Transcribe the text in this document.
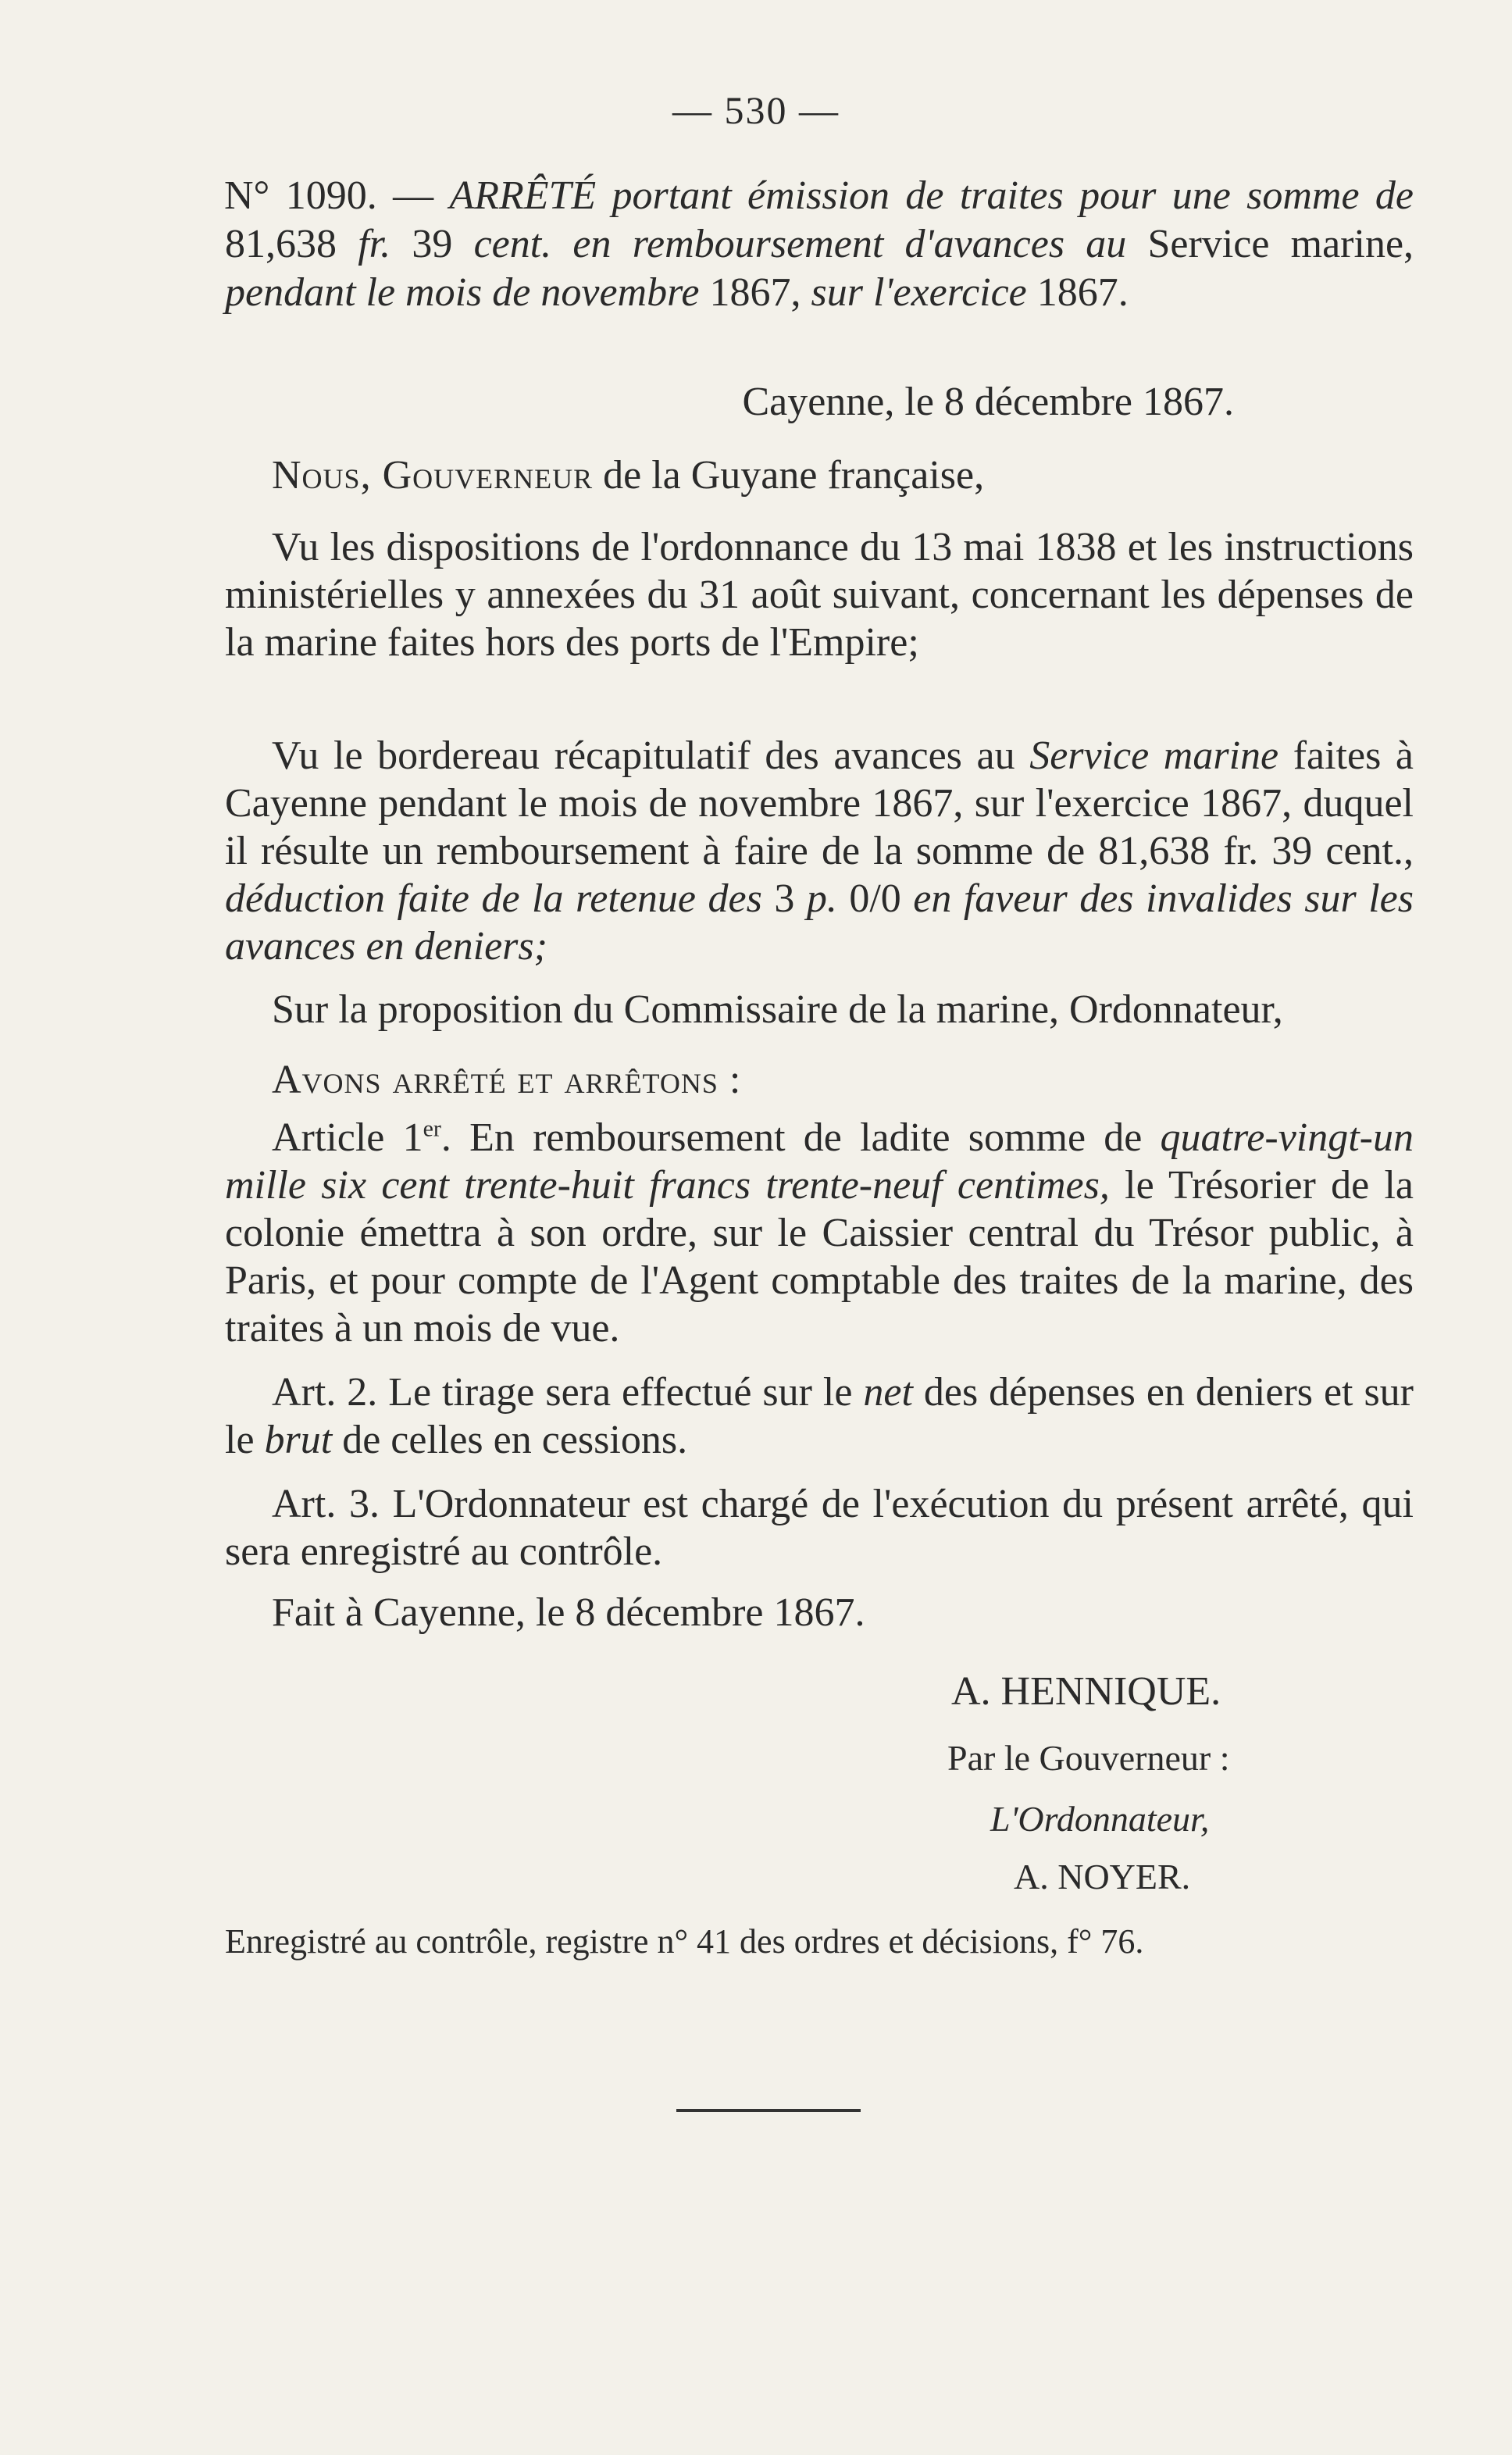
— 530 —
N° 1090. — ARRÊTÉ portant émission de traites pour une somme de 81,638 fr. 39 cent. en remboursement d'avances au Service marine, pendant le mois de novembre 1867, sur l'exercice 1867.
Cayenne, le 8 décembre 1867.
Nous, Gouverneur de la Guyane française,
Vu les dispositions de l'ordonnance du 13 mai 1838 et les instructions ministérielles y annexées du 31 août suivant, concernant les dépenses de la marine faites hors des ports de l'Empire;
Vu le bordereau récapitulatif des avances au Service marine faites à Cayenne pendant le mois de novembre 1867, sur l'exercice 1867, duquel il résulte un remboursement à faire de la somme de 81,638 fr. 39 cent., déduction faite de la retenue des 3 p. 0/0 en faveur des invalides sur les avances en deniers;
Sur la proposition du Commissaire de la marine, Ordonnateur,
Avons arrêté et arrêtons :
Article 1er. En remboursement de ladite somme de quatre-vingt-un mille six cent trente-huit francs trente-neuf centimes, le Trésorier de la colonie émettra à son ordre, sur le Caissier central du Trésor public, à Paris, et pour compte de l'Agent comptable des traites de la marine, des traites à un mois de vue.
Art. 2. Le tirage sera effectué sur le net des dépenses en deniers et sur le brut de celles en cessions.
Art. 3. L'Ordonnateur est chargé de l'exécution du présent arrêté, qui sera enregistré au contrôle.
Fait à Cayenne, le 8 décembre 1867.
A. HENNIQUE.
Par le Gouverneur :
L'Ordonnateur,
A. NOYER.
Enregistré au contrôle, registre n° 41 des ordres et décisions, f° 76.
